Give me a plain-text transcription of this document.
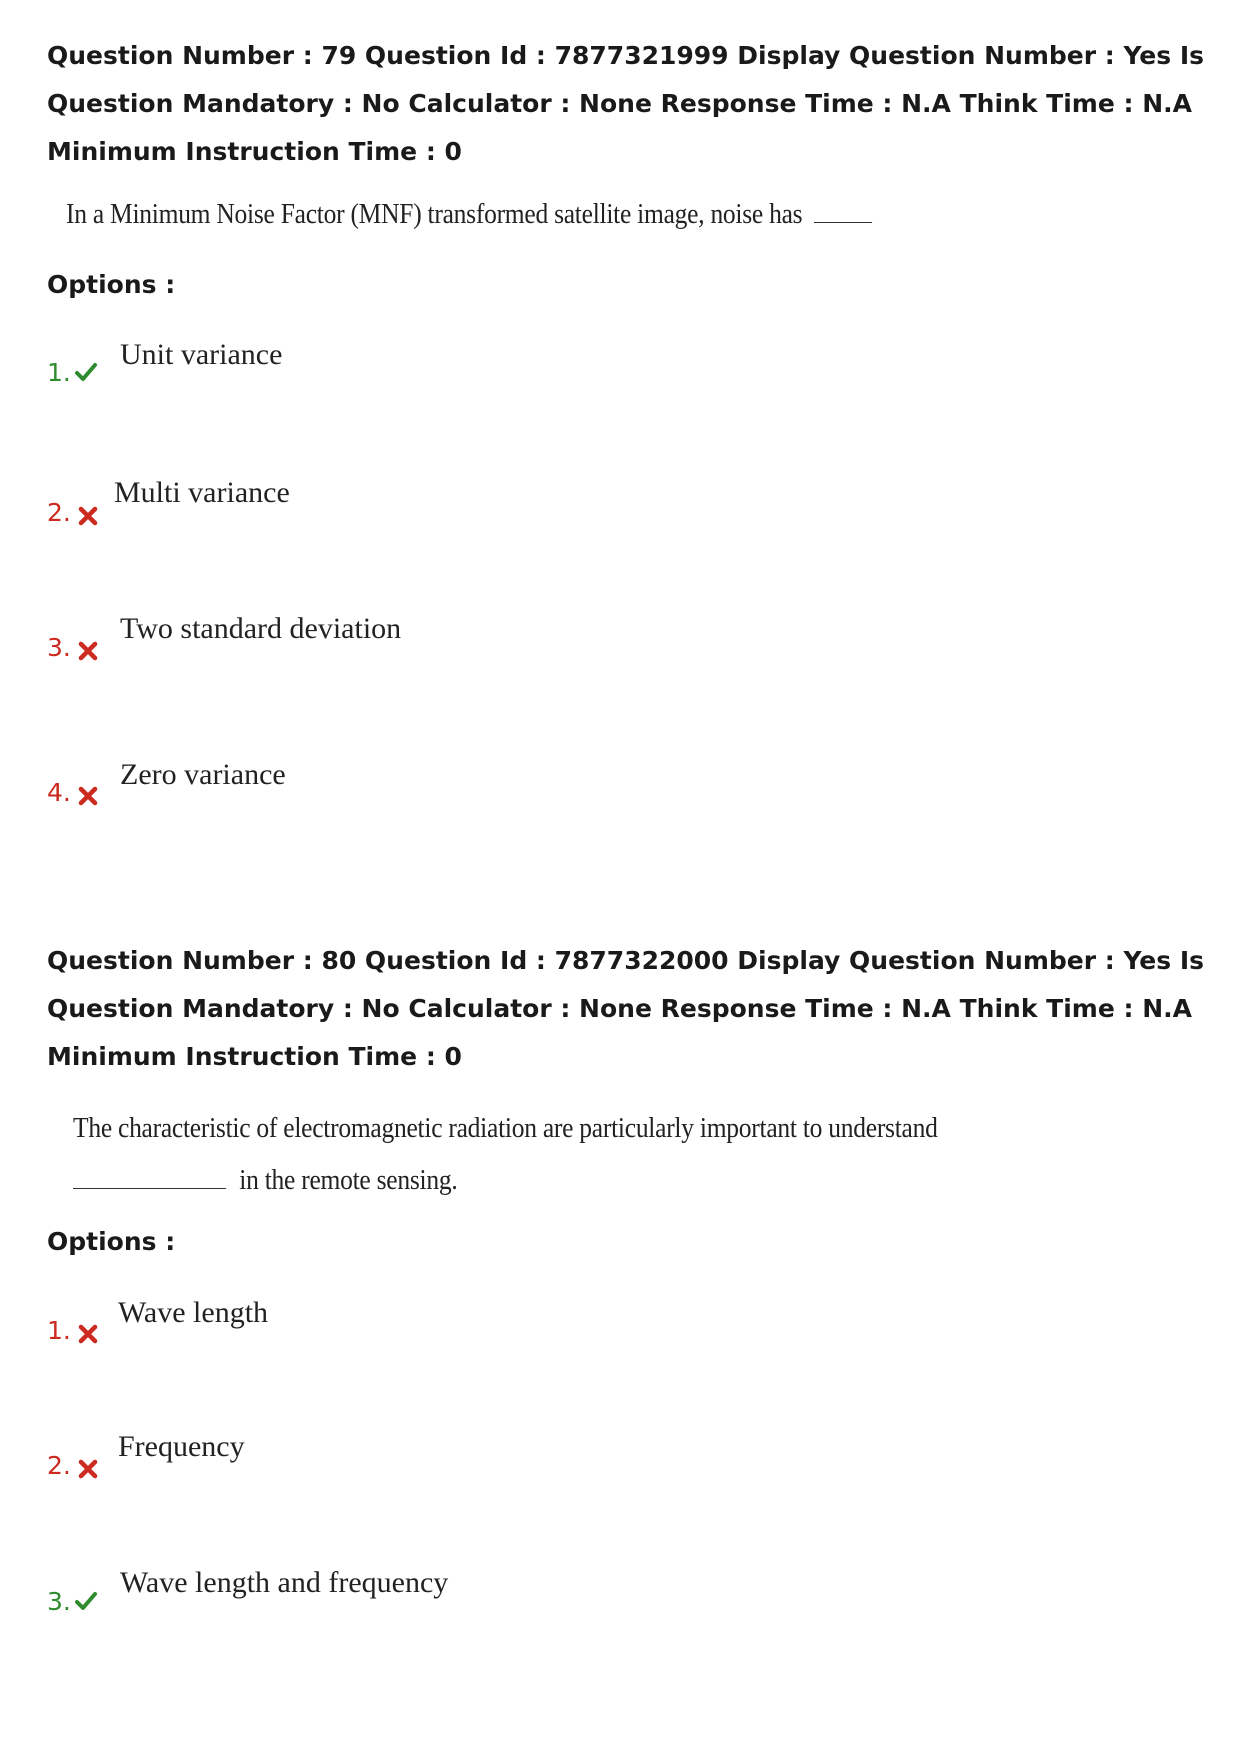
Question Number : 79 Question Id : 7877321999 Display Question Number : Yes Is Question Mandatory : No Calculator : None Response Time : N.A Think Time : N.A Minimum Instruction Time : 0
In a Minimum Noise Factor (MNF) transformed satellite image, noise has
Options :
1.
Unit variance
2.
Multi variance
3.
Two standard deviation
4.
Zero variance
Question Number : 80 Question Id : 7877322000 Display Question Number : Yes Is Question Mandatory : No Calculator : None Response Time : N.A Think Time : N.A Minimum Instruction Time : 0
The characteristic of electromagnetic radiation are particularly important to understand
in the remote sensing.
Options :
1.
Wave length
2.
Frequency
3.
Wave length and frequency
